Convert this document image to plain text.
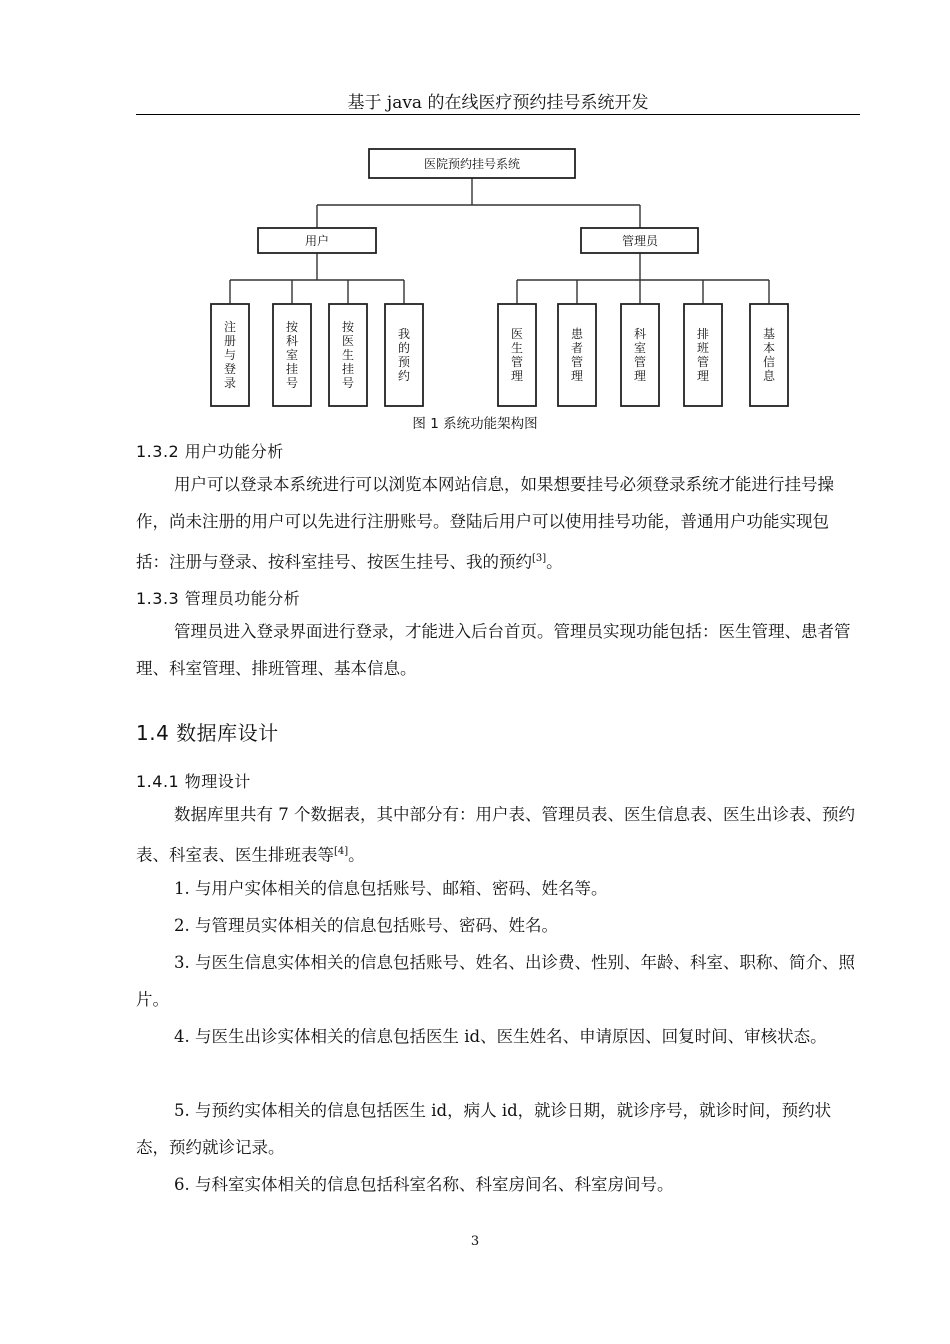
基于 java 的在线医疗预约挂号系统开发
医院预约挂号系统
用户	管理员
注册与登录
按科室挂号
按医生挂号
我的预约
医生管理
患者管理
科室管理
排班管理
基本信息
图 1 系统功能架构图
1.3.2 用户功能分析

用户可以登录本系统进行可以浏览本网站信息，如果想要挂号必须登录系统才能进行挂号操作，尚未注册的用户可以先进行注册账号。登陆后用户可以使用挂号功能，普通用户功能实现包括：注册与登录、按科室挂号、按医生挂号、我的预约[3]。

1.3.3 管理员功能分析

管理员进入登录界面进行登录，才能进入后台首页。管理员实现功能包括：医生管理、患者管理、科室管理、排班管理、基本信息。

1.4 数据库设计
1.4.1 物理设计

数据库里共有 7 个数据表，其中部分有：用户表、管理员表、医生信息表、医生出诊表、预约表、科室表、医生排班表等[4]。

1. 与用户实体相关的信息包括账号、邮箱、密码、姓名等。

2. 与管理员实体相关的信息包括账号、密码、姓名。

3. 与医生信息实体相关的信息包括账号、姓名、出诊费、性别、年龄、科室、职称、简介、照片。

4. 与医生出诊实体相关的信息包括医生 id、医生姓名、申请原因、回复时间、审核状态。

5. 与预约实体相关的信息包括医生 id，病人 id，就诊日期，就诊序号，就诊时间，预约状态，预约就诊记录。

6. 与科室实体相关的信息包括科室名称、科室房间名、科室房间号。

3
